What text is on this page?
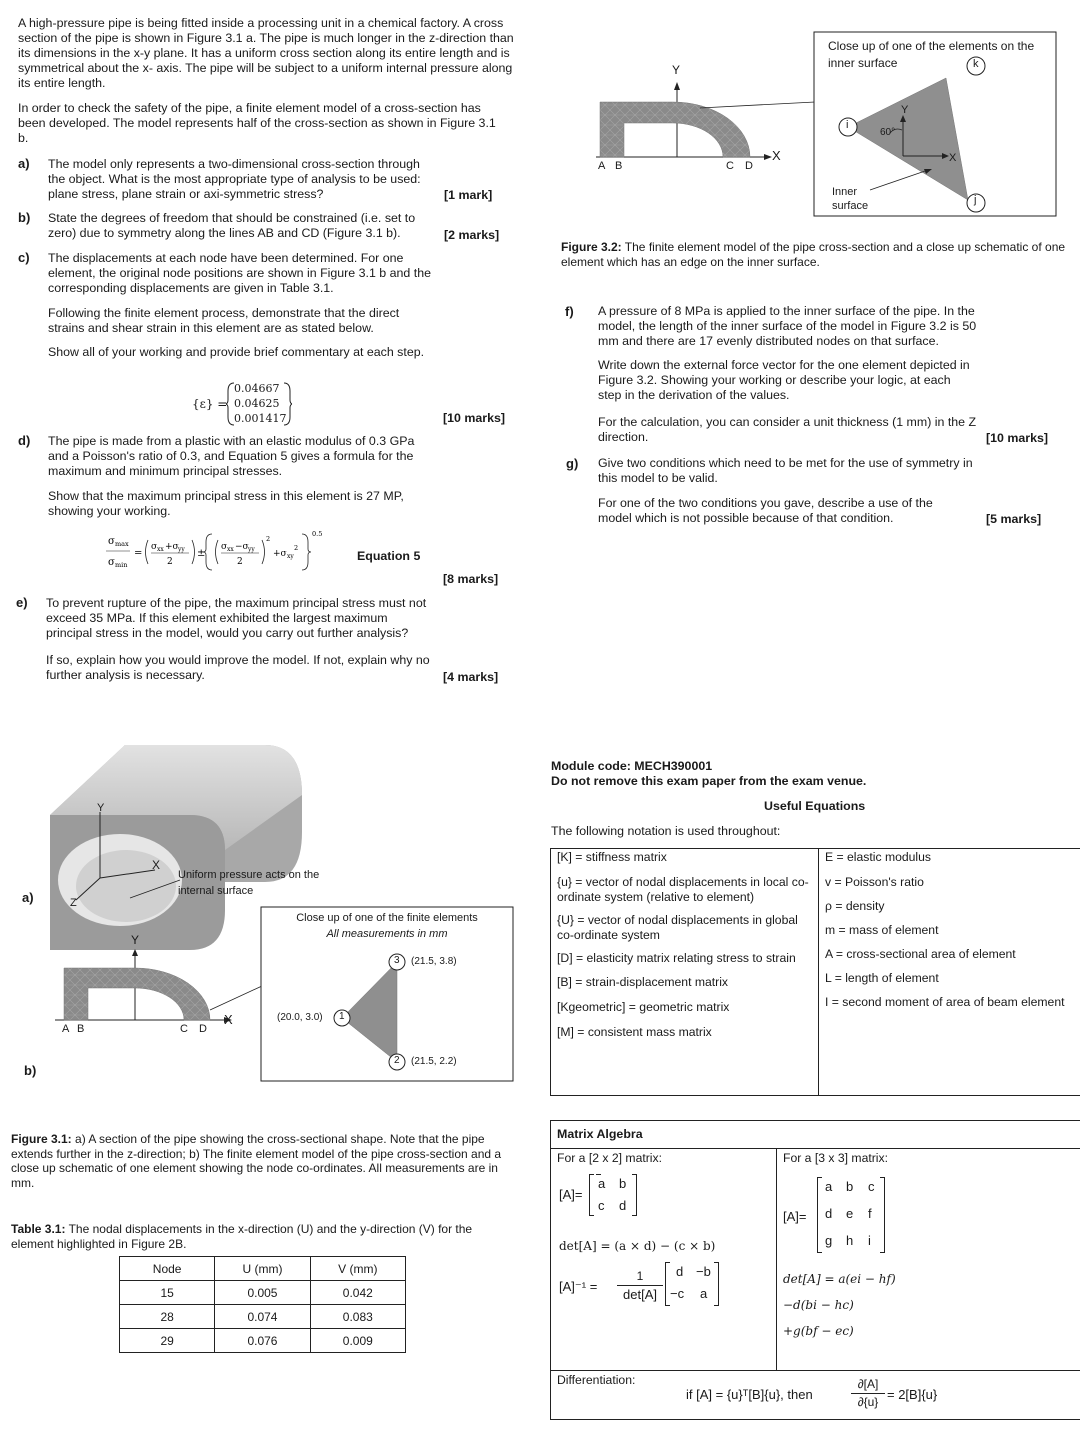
A high-pressure pipe is being fitted inside a processing unit in a chemical factory. A cross section of the pipe is shown in Figure 3.1 a. The pipe is much longer in the z-direction than its dimensions in the x-y plane. It has a uniform cross section along its entire length and is symmetrical about the x- axis. The pipe will be subject to a uniform internal pressure along its entire length.
In order to check the safety of the pipe, a finite element model of a cross-section has been developed. The model represents half of the cross-section as shown in Figure 3.1 b.
a) The model only represents a two-dimensional cross-section through the object. What is the most appropriate type of analysis to be used: plane stress, plane strain or axi-symmetric stress?	[1 mark]
b) State the degrees of freedom that should be constrained (i.e. set to zero) due to symmetry along the lines AB and CD (Figure 3.1 b).	[2 marks]
c) The displacements at each node have been determined. For one element, the original node positions are shown in Figure 3.1 b and the corresponding displacements are given in Table 3.1.
Following the finite element process, demonstrate that the direct strains and shear strain in this element are as stated below.
Show all of your working and provide brief commentary at each step.
{ε} =
0.04667
0.04625
0.001417	[10 marks]
d) The pipe is made from a plastic with an elastic modulus of 0.3 GPa and a Poisson's ratio of 0.3, and Equation 5 gives a formula for the maximum and minimum principal stresses.
Show that the maximum principal stress in this element is 27 MP, showing your working.
σ max
σ min
=
σ xx +σ yy
2
±
σ xx −σ yy
2
2
+σ xy
2
0.5
Equation 5
[8 marks]
e) To prevent rupture of the pipe, the maximum principal stress must not exceed 35 MPa. If this element exhibited the largest maximum principal stress in the model, would you carry out further analysis?
If so, explain how you would improve the model. If not, explain why no further analysis is necessary.	[4 marks]
Y
X
A B	C D
Close up of one of the elements on the inner surface
i
j
k
60°
Y
X
Inner surface
Figure 3.2: The finite element model of the pipe cross-section and a close up schematic of one element which has an edge on the inner surface.
f) A pressure of 8 MPa is applied to the inner surface of the pipe. In the model, the length of the inner surface of the model in Figure 3.2 is 50 mm and there are 17 evenly distributed nodes on that surface.
Write down the external force vector for the one element depicted in Figure 3.2. Showing your working or describe your logic, at each step in the derivation of the values.
For the calculation, you can consider a unit thickness (1 mm) in the Z direction.	[10 marks]
g) Give two conditions which need to be met for the use of symmetry in this model to be valid.
For one of the two conditions you gave, describe a use of the model which is not possible because of that condition.	[5 marks]
a)
b)
Uniform pressure acts on the internal surface
Y
X
Z
Y
X
A B	C D
Close up of one of the finite elements
All measurements in mm
1
(20.0, 3.0)
2 (21.5, 2.2)
3 (21.5, 3.8)
Figure 3.1: a) A section of the pipe showing the cross-sectional shape. Note that the pipe extends further in the z-direction; b) The finite element model of the pipe cross-section and a close up schematic of one element showing the node co-ordinates. All measurements are in mm.
Table 3.1: The nodal displacements in the x-direction (U) and the y-direction (V) for the element highlighted in Figure 2B.
Node	U (mm)	V (mm)
15	0.005	0.042
28	0.074	0.083
29	0.076	0.009
Module code: MECH390001
Do not remove this exam paper from the exam venue.
Useful Equations
The following notation is used throughout:
[K] = stiffness matrix
{u} = vector of nodal displacements in local co-ordinate system (relative to element)
{U} = vector of nodal displacements in global co-ordinate system
[D] = elasticity matrix relating stress to strain
[B] = strain-displacement matrix
[Kgeometric] = geometric matrix
[M] = consistent mass matrix
E = elastic modulus
v = Poisson's ratio
ρ = density
m = mass of element
A = cross-sectional area of element
L = length of element
I = second moment of area of beam element
Matrix Algebra
For a [2 x 2] matrix:	For a [3 x 3] matrix:
[A]=
a b
c d
det[A] = (a × d) − (c × b)
[A]⁻¹ =
1
det[A]
d −b
−c a
[A]=
a b c
d e f
g h i
det[A] = a(ei − hf)
−d(bi − hc)
+g(bf − ec)
Differentiation:
if [A] = {u}ᵀ[B]{u}, then
∂[A]
∂{u} = 2[B]{u}
